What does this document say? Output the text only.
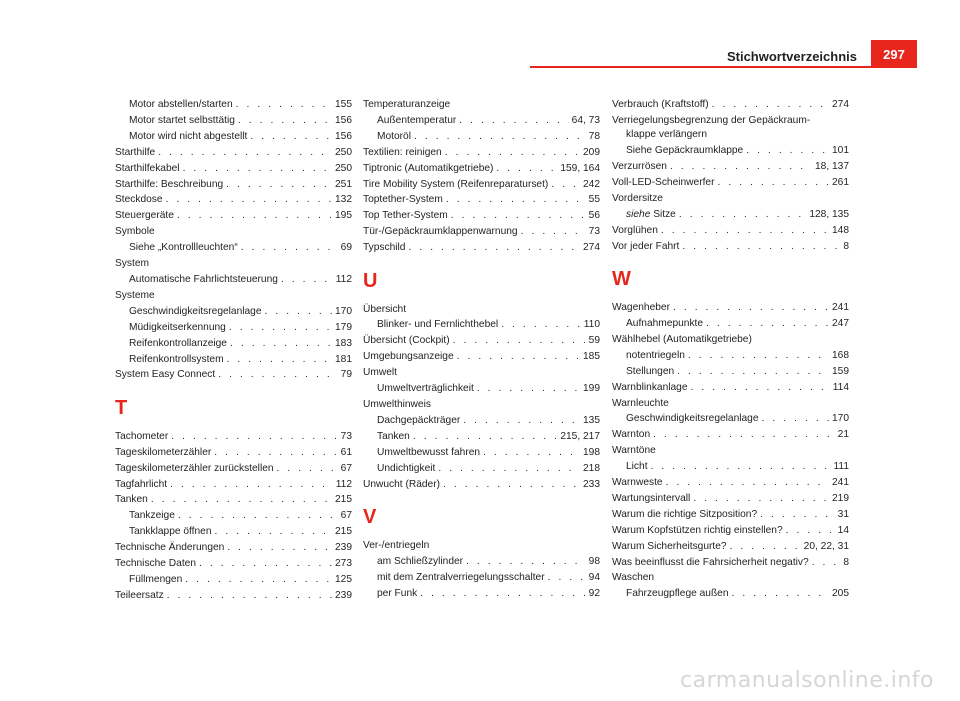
Stichwortverzeichnis	297
Motor abstellen/starten . . .	155
Motor startet selbsttätig . . .	156
Motor wird nicht abgestellt . . .	156
Starthilfe . . .	250
Starthilfekabel . . .	250
Starthilfe: Beschreibung . . .	251
Steckdose . . .	132
Steuergeräte . . .	195
Symbole
Siehe „Kontrollleuchten“ . . .	69
System
Automatische Fahrlichtsteuerung . . .	112
Systeme
Geschwindigkeitsregelanlage . . .	170
Müdigkeitserkennung . . .	179
Reifenkontrollanzeige . . .	183
Reifenkontrollsystem . . .	181
System Easy Connect . . .	79
T
Tachometer . . .	73
Tageskilometerzähler . . .	61
Tageskilometerzähler zurückstellen . . .	67
Tagfahrlicht . . .	112
Tanken . . .	215
Tankzeige . . .	67
Tankklappe öffnen . . .	215
Technische Änderungen . . .	239
Technische Daten . . .	273
Füllmengen . . .	125
Teileersatz . . .	239
Temperaturanzeige
Außentemperatur . . .	64, 73
Motoröl . . .	78
Textilien: reinigen . . .	209
Tiptronic (Automatikgetriebe) . . .	159, 164
Tire Mobility System (Reifenreparaturset) . . .	242
Toptether-System . . .	55
Top Tether-System . . .	56
Tür-/Gepäckraumklappenwarnung . . .	73
Typschild . . .	274
U
Übersicht
Blinker- und Fernlichthebel . . .	110
Übersicht (Cockpit) . . .	59
Umgebungsanzeige . . .	185
Umwelt
Umweltverträglichkeit . . .	199
Umwelthinweis
Dachgepäckträger . . .	135
Tanken . . .	215, 217
Umweltbewusst fahren . . .	198
Undichtigkeit . . .	218
Unwucht (Räder) . . .	233
V
Ver-/entriegeln
am Schließzylinder . . .	98
mit dem Zentralverriegelungsschalter . . .	94
per Funk . . .	92
Verbrauch (Kraftstoff) . . .	274
Verriegelungsbegrenzung der Gepäckraum-
klappe verlängern
Siehe Gepäckraumklappe . . .	101
Verzurrösen . . .	18, 137
Voll-LED-Scheinwerfer . . .	261
Vordersitze
siehe Sitze . . .	128, 135
Vorglühen . . .	148
Vor jeder Fahrt . . .	8
W
Wagenheber . . .	241
Aufnahmepunkte . . .	247
Wählhebel (Automatikgetriebe)
notentriegeln . . .	168
Stellungen . . .	159
Warnblinkanlage . . .	114
Warnleuchte
Geschwindigkeitsregelanlage . . .	170
Warnton . . .	21
Warntöne
Licht . . .	111
Warnweste . . .	241
Wartungsintervall . . .	219
Warum die richtige Sitzposition? . . .	31
Warum Kopfstützen richtig einstellen? . . .	14
Warum Sicherheitsgurte? . . .	20, 22, 31
Was beeinflusst die Fahrsicherheit negativ? . . .	8
Waschen
Fahrzeugpflege außen . . .	205
carmanualsonline.info
